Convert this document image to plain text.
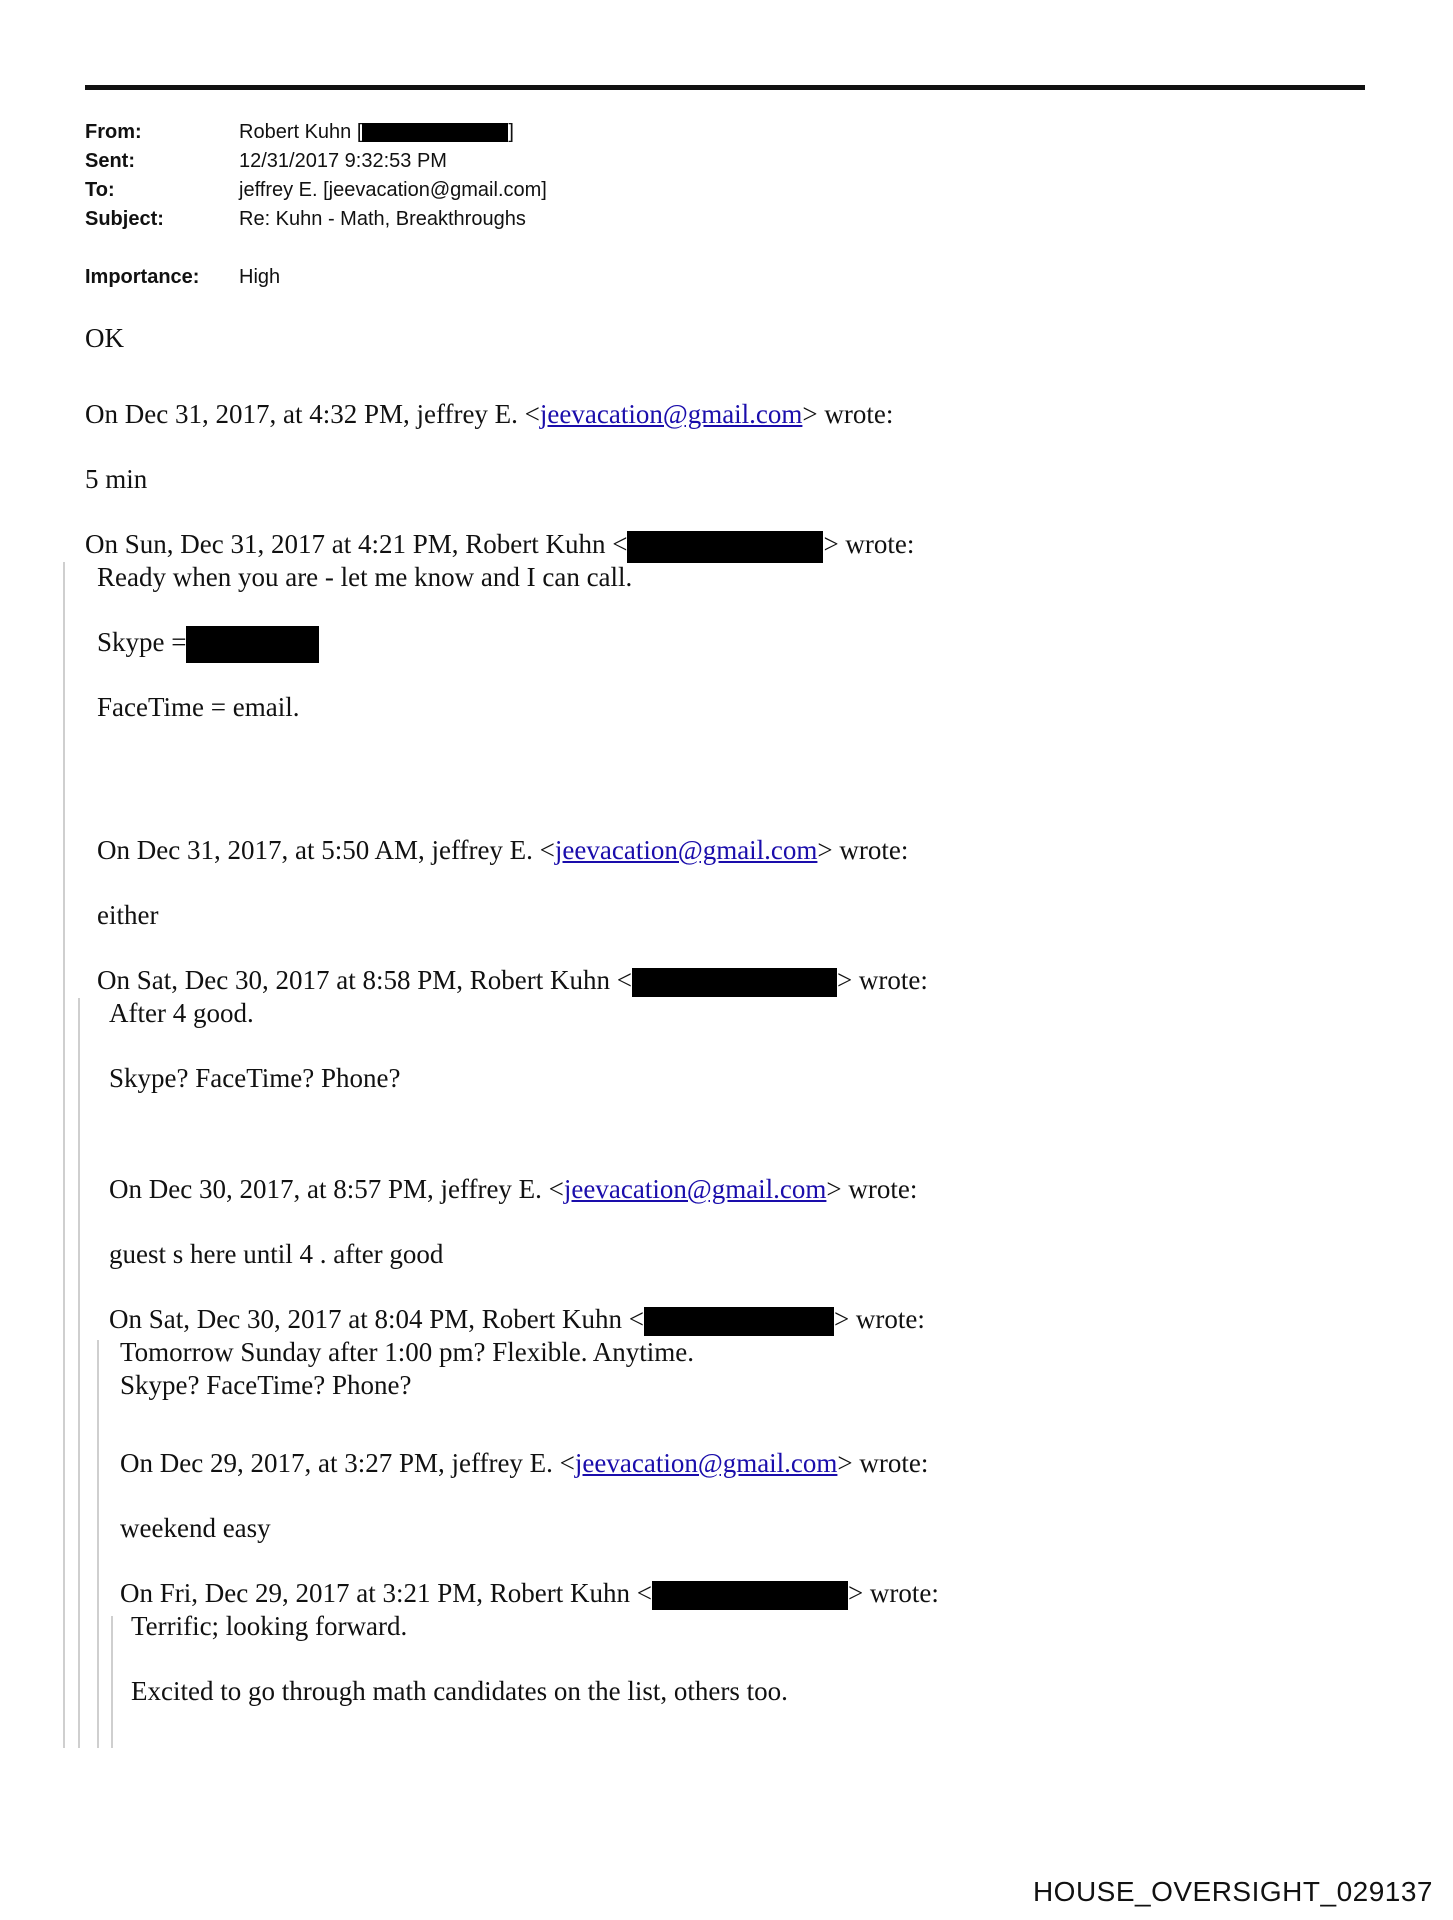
From:	Robert Kuhn [	]
Sent:	12/31/2017 9:32:53 PM
To:	jeffrey E. [jeevacation@gmail.com]
Subject:	Re: Kuhn - Math, Breakthroughs
Importance:	High
OK
On Dec 31, 2017, at 4:32 PM, jeffrey E. <jeevacation@gmail.com> wrote:
5 min
On Sun, Dec 31, 2017 at 4:21 PM, Robert Kuhn <	> wrote:
Ready when you are - let me know and I can call.
Skype =
FaceTime = email.
On Dec 31, 2017, at 5:50 AM, jeffrey E. <jeevacation@gmail.com> wrote:
either
On Sat, Dec 30, 2017 at 8:58 PM, Robert Kuhn <	> wrote:
After 4 good.
Skype? FaceTime? Phone?
On Dec 30, 2017, at 8:57 PM, jeffrey E. <jeevacation@gmail.com> wrote:
guest s here until 4 . after good
On Sat, Dec 30, 2017 at 8:04 PM, Robert Kuhn <	> wrote:
Tomorrow Sunday after 1:00 pm? Flexible. Anytime.
Skype? FaceTime? Phone?
On Dec 29, 2017, at 3:27 PM, jeffrey E. <jeevacation@gmail.com> wrote:
weekend easy
On Fri, Dec 29, 2017 at 3:21 PM, Robert Kuhn <	> wrote:
Terrific; looking forward.
Excited to go through math candidates on the list, others too.
HOUSE_OVERSIGHT_029137
